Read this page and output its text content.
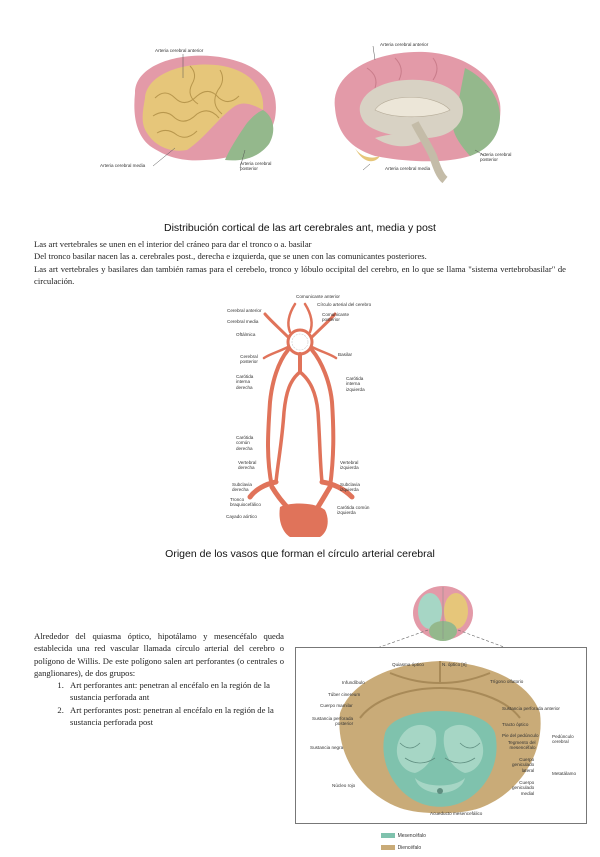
Arteria cerebral anterior
Arteria cerebral media	Arteria cerebral
posterior
Arteria cerebral anterior
Arteria cerebral
posterior
Arteria cerebral media
Distribución cortical de las art cerebrales ant, media y post

Las art vertebrales se unen en el interior del cráneo para dar el tronco o a. basilar

Del tronco basilar nacen las a. cerebrales post., derecha e izquierda, que se unen con las comunicantes posteriores.

Las art vertebrales y basilares dan también ramas para el cerebelo, tronco y lóbulo occipital del cerebro, en lo que se llama "sistema vertebrobasilar" de circulación.

Cerebral anterior
Cerebral media
Oftálmica
Cerebral
posterior
Carótida
interna
derecha
Carótida
común
derecha
Vertebral
derecha
Subclavia
derecha
Tronco
braquiocefálico
Cayado aórtico
Comunicante anterior
Círculo arterial del cerebro
Comunicante
posterior
Basilar
Carótida
interna
izquierda
Vertebral
izquierda
Subclavia
izquierda
Carótida común
izquierda
Origen de los vasos que forman el círculo arterial cerebral

Alrededor del quiasma óptico, hipotálamo y mesencéfalo queda establecida una red vascular llamada círculo arterial del cerebro o polígono de Willis. De este polígono salen art perforantes (o centrales o ganglionares), de dos grupos:

1. Art perforantes ant: penetran al encéfalo en la región de la sustancia perforada ant
2. Art perforantes post: penetran al encéfalo en la región de la sustancia perforada post
Quiasma óptico
Infundíbulo
Túber cinereum
Cuerpo mamilar
Sustancia perforada
posterior
Sustancia negra
Núcleo rojo
N. óptico [II]
Trígono olfatorio
Sustancia perforada anterior
Tracto óptico
Pie del pedúnculo
Tegmento del
mesencéfalo
Cuerpo
geniculado
lateral
Cuerpo
geniculado
medial
Pedúnculo
cerebral
Metatálamo
Acueducto mesencefálico

Mesencéfalo

Diencéfalo
